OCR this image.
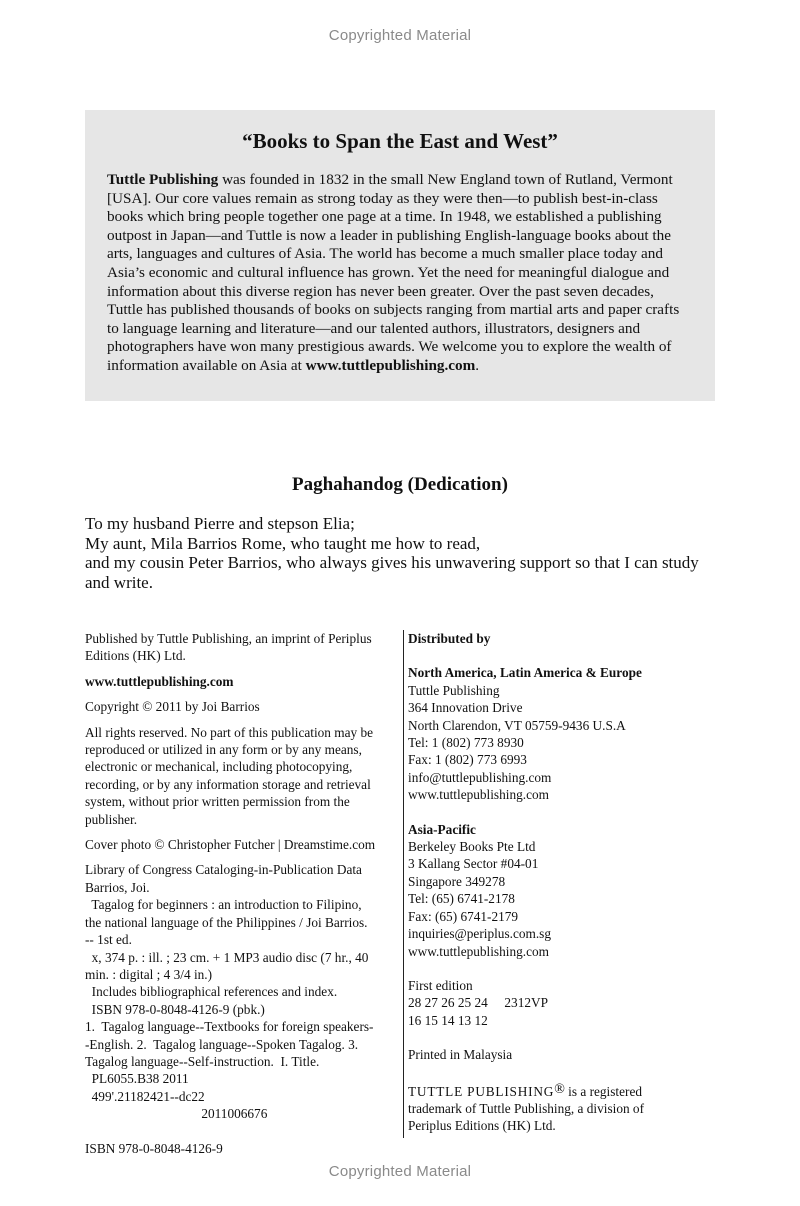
Copyrighted Material
“Books to Span the East and West”

Tuttle Publishing was founded in 1832 in the small New England town of Rutland, Vermont [USA]. Our core values remain as strong today as they were then—to publish best-in-class books which bring people together one page at a time. In 1948, we established a publishing outpost in Japan—and Tuttle is now a leader in publishing English-language books about the arts, languages and cultures of Asia. The world has become a much smaller place today and Asia’s economic and cultural influence has grown. Yet the need for meaningful dialogue and information about this diverse region has never been greater. Over the past seven decades, Tuttle has published thousands of books on subjects ranging from martial arts and paper crafts to language learning and literature—and our talented authors, illustrators, designers and photographers have won many prestigious awards. We welcome you to explore the wealth of information available on Asia at www.tuttlepublishing.com.

Paghahandog (Dedication)
To my husband Pierre and stepson Elia;
My aunt, Mila Barrios Rome, who taught me how to read,
and my cousin Peter Barrios, who always gives his unwavering support so that I can study and write.

Published by Tuttle Publishing, an imprint of Periplus
Editions (HK) Ltd.

www.tuttlepublishing.com

Copyright © 2011 by Joi Barrios

All rights reserved. No part of this publication may be
reproduced or utilized in any form or by any means,
electronic or mechanical, including photocopying,
recording, or by any information storage and retrieval
system, without prior written permission from the
publisher.

Cover photo © Christopher Futcher | Dreamstime.com

Library of Congress Cataloging-in-Publication Data
Barrios, Joi.
Tagalog for beginners : an introduction to Filipino,
the national language of the Philippines / Joi Barrios.
-- 1st ed.
x, 374 p. : ill. ; 23 cm. + 1 MP3 audio disc (7 hr., 40
min. : digital ; 4 3/4 in.)
Includes bibliographical references and index.
ISBN 978-0-8048-4126-9 (pbk.)
1.  Tagalog language--Textbooks for foreign speakers-
-English. 2.  Tagalog language--Spoken Tagalog. 3.
Tagalog language--Self-instruction.  I. Title.
PL6055.B38 2011
499'.21182421--dc22
2011006676

ISBN 978-0-8048-4126-9

Distributed by

North America, Latin America & Europe

Tuttle Publishing
364 Innovation Drive
North Clarendon, VT 05759-9436 U.S.A
Tel: 1 (802) 773 8930
Fax: 1 (802) 773 6993
info@tuttlepublishing.com
www.tuttlepublishing.com

Asia-Pacific

Berkeley Books Pte Ltd
3 Kallang Sector #04-01
Singapore 349278
Tel: (65) 6741-2178
Fax: (65) 6741-2179
inquiries@periplus.com.sg
www.tuttlepublishing.com

First edition
28 27 26 25 24     2312VP
16 15 14 13 12

Printed in Malaysia

TUTTLE PUBLISHING® is a registered
trademark of Tuttle Publishing, a division of
Periplus Editions (HK) Ltd.

Copyrighted Material
